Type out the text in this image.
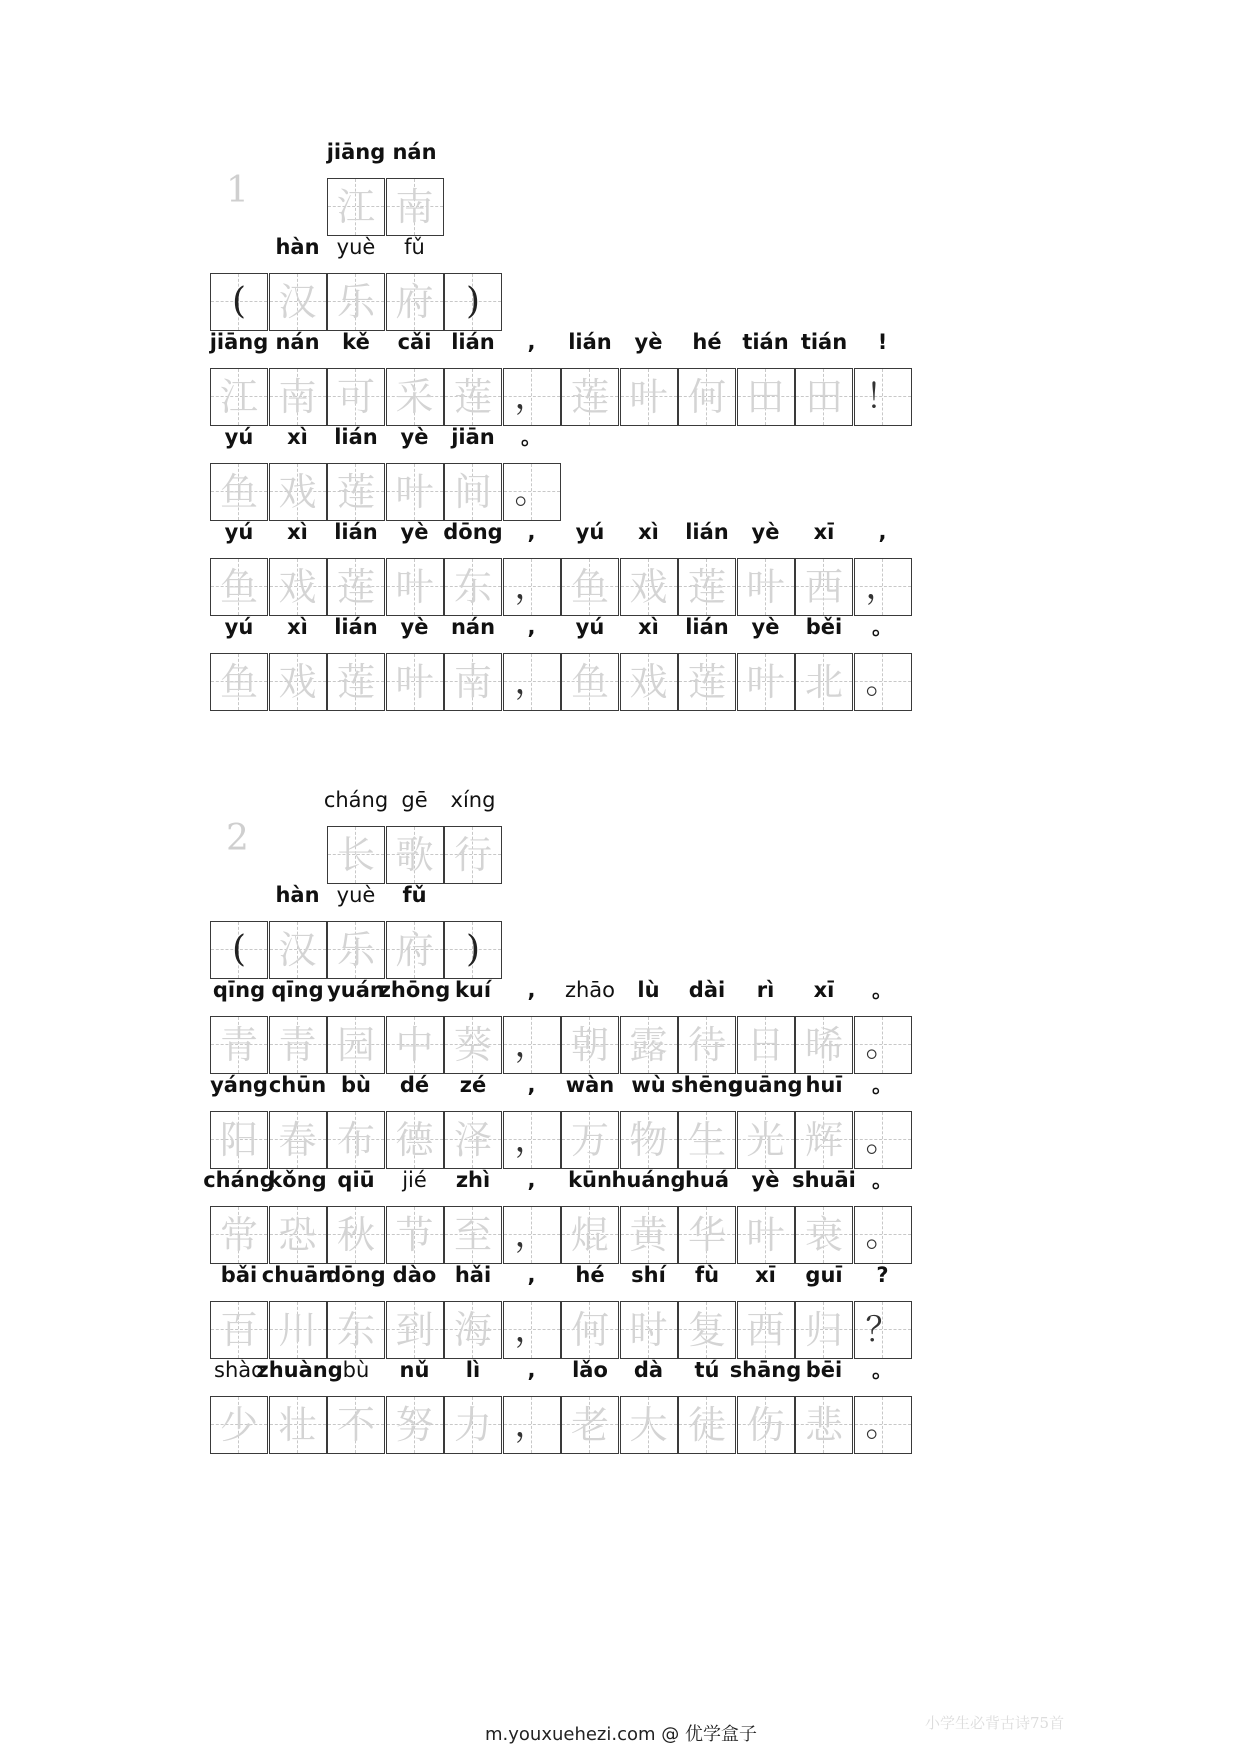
1
jiāng
江
nán
南
(
hàn
汉
yuè
乐
fǔ
府 )
jiāng
江
nán
南
kě
可
cǎi
采
lián
莲
,
，
lián
莲
yè
叶
hé
何
tián
田
tián
田
!
！
yú
鱼
xì
戏
lián
莲
yè
叶
jiān
间
。
。
yú
鱼
xì
戏
lián
莲
yè
叶
dōng
东
,
，
yú
鱼
xì
戏
lián
莲
yè
叶
xī
西
,
，
yú
鱼
xì
戏
lián
莲
yè
叶
nán
南
,
，
yú
鱼
xì
戏
lián
莲
yè
叶
běi
北
。
。
2
cháng
长
gē
歌
xíng
行
(
hàn
汉
yuè
乐
fǔ
府 )
qīng
青
qīng
青
yuán
园
zhōng
中
kuí
葵
,
，
zhāo
朝
lù
露
dài
待
rì
日
xī
晞
。
。
yáng
阳
chūn
春
bù
布
dé
德
zé
泽
,
，
wàn
万
wù
物
shēng
生
guāng
光
huī
辉
。
。
cháng
常
kǒng
恐
qiū
秋
jié
节
zhì
至
,
，
kūn
焜
huáng
黄
huá
华
yè
叶
shuāi
衰
。
。
bǎi
百
chuān
川
dōng
东
dào
到
hǎi
海
,
，
hé
何
shí
时
fù
复
xī
西
guī
归
?
？
shào
少
zhuàng
壮
bù
不
nǔ
努
lì
力
,
，
lǎo
老
dà
大
tú
徒
shāng
伤
bēi
悲
。
。
m.youxuehezi.com @ 优学盒子
小学生必背古诗75首
